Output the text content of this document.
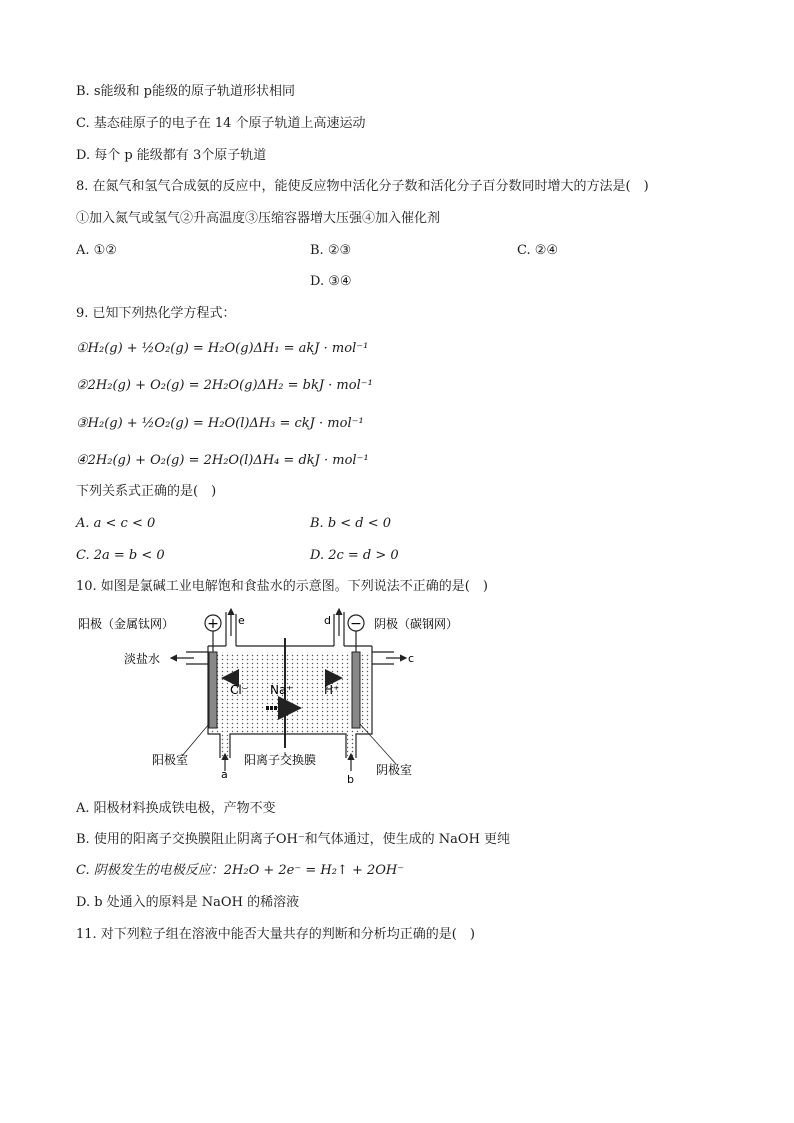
B. s能级和 p能级的原子轨道形状相同
C. 基态硅原子的电子在 14 个原子轨道上高速运动
D. 每个 p 能级都有 3个原子轨道
8. 在氮气和氢气合成氨的反应中，能使反应物中活化分子数和活化分子百分数同时增大的方法是(　)
①加入氮气或氢气②升高温度③压缩容器增大压强④加入催化剂
A. ①②	B. ②③	C. ②④
D. ③④
9. 已知下列热化学方程式：
①H₂(g) + ½O₂(g) = H₂O(g)ΔH₁ = akJ · mol⁻¹
②2H₂(g) + O₂(g) = 2H₂O(g)ΔH₂ = bkJ · mol⁻¹
③H₂(g) + ½O₂(g) = H₂O(l)ΔH₃ = ckJ · mol⁻¹
④2H₂(g) + O₂(g) = 2H₂O(l)ΔH₄ = dkJ · mol⁻¹
下列关系式正确的是(　)
A. a < c < 0	B. b < d < 0
C. 2a = b < 0	D. 2c = d > 0
10. 如图是氯碱工业电解饱和食盐水的示意图。下列说法不正确的是(　)
+	−
阳极（金属钛网）	阴极（碳钢网）
e	d
淡盐水	c
Cl⁻ Na⁺	H⁺
阳极室	阳离子交换膜
阴极室
a	b
A. 阳极材料换成铁电极，产物不变
B. 使用的阳离子交换膜阻止阴离子OH⁻和气体通过，使生成的 NaOH 更纯
C. 阴极发生的电极反应：2H₂O + 2e⁻ = H₂↑ + 2OH⁻
D. b 处通入的原料是 NaOH 的稀溶液
11. 对下列粒子组在溶液中能否大量共存的判断和分析均正确的是(　)
